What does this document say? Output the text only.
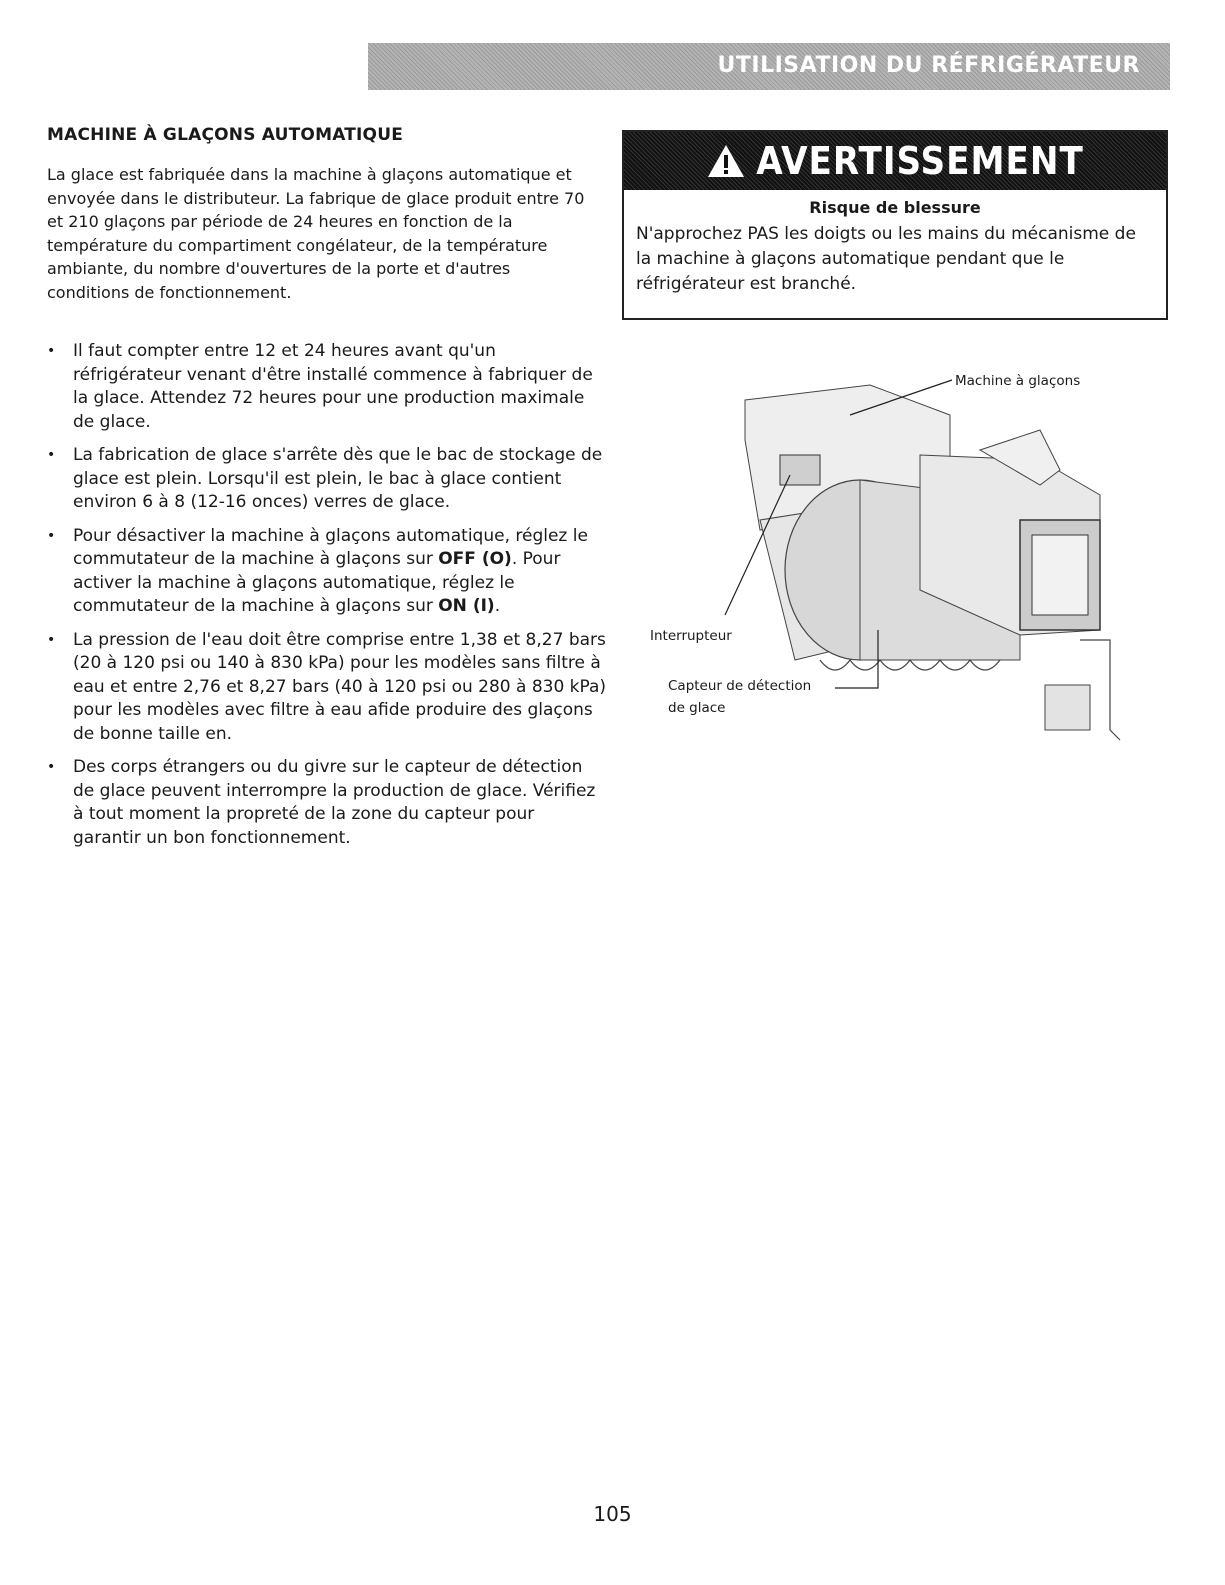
UTILISATION DU RÉFRIGÉRATEUR
MACHINE À GLAÇONS AUTOMATIQUE

La glace est fabriquée dans la machine à glaçons automatique et envoyée dans le distributeur. La fabrique de glace produit entre 70 et 210 glaçons par période de 24 heures en fonction de la température du compartiment congélateur, de la température ambiante, du nombre d'ouvertures de la porte et d'autres conditions de fonctionnement.

• Il faut compter entre 12 et 24 heures avant qu'un réfrigérateur venant d'être installé commence à fabriquer de la glace. Attendez 72 heures pour une production maximale de glace.
• La fabrication de glace s'arrête dès que le bac de stockage de glace est plein. Lorsqu'il est plein, le bac à glace contient environ 6 à 8 (12-16 onces) verres de glace.
• Pour désactiver la machine à glaçons automatique, réglez le commutateur de la machine à glaçons sur OFF (O). Pour activer la machine à glaçons automatique, réglez le commutateur de la machine à glaçons sur ON (I).
• La pression de l'eau doit être comprise entre 1,38 et 8,27 bars (20 à 120 psi ou 140 à 830 kPa) pour les modèles sans filtre à eau et entre 2,76 et 8,27 bars (40 à 120 psi ou 280 à 830 kPa) pour les modèles avec filtre à eau afide produire des glaçons de bonne taille en.
• Des corps étrangers ou du givre sur le capteur de détection de glace peuvent interrompre la production de glace. Vérifiez à tout moment la propreté de la zone du capteur pour garantir un bon fonctionnement.
AVERTISSEMENT
Risque de blessure

N'approchez PAS les doigts ou les mains du mécanisme de la machine à glaçons automatique pendant que le réfrigérateur est branché.

Machine à glaçons
Interrupteur
Capteur de détection
de glace
105
